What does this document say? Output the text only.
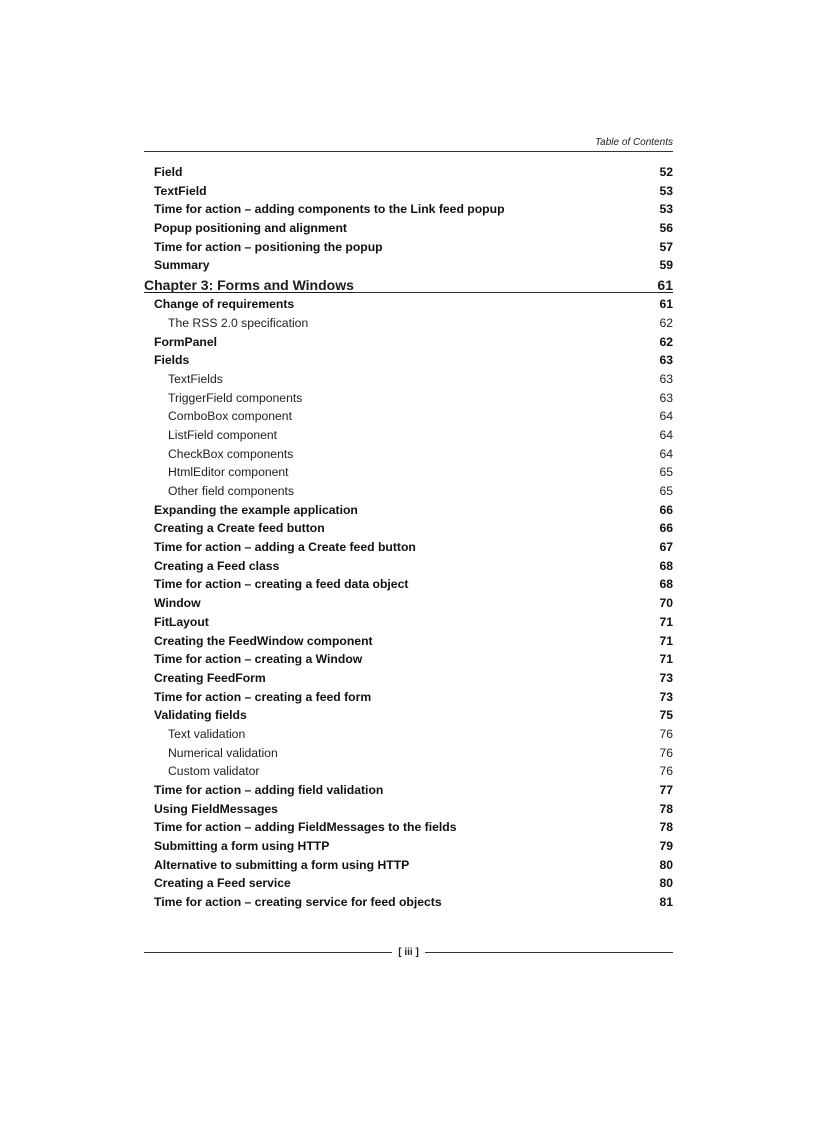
Table of Contents
Field	52
TextField	53
Time for action – adding components to the Link feed popup	53
Popup positioning and alignment	56
Time for action – positioning the popup	57
Summary	59
Chapter 3: Forms and Windows	61
Change of requirements	61
The RSS 2.0 specification	62
FormPanel	62
Fields	63
TextFields	63
TriggerField components	63
ComboBox component	64
ListField component	64
CheckBox components	64
HtmlEditor component	65
Other field components	65
Expanding the example application	66
Creating a Create feed button	66
Time for action – adding a Create feed button	67
Creating a Feed class	68
Time for action – creating a feed data object	68
Window	70
FitLayout	71
Creating the FeedWindow component	71
Time for action – creating a Window	71
Creating FeedForm	73
Time for action – creating a feed form	73
Validating fields	75
Text validation	76
Numerical validation	76
Custom validator	76
Time for action – adding field validation	77
Using FieldMessages	78
Time for action – adding FieldMessages to the fields	78
Submitting a form using HTTP	79
Alternative to submitting a form using HTTP	80
Creating a Feed service	80
Time for action – creating service for feed objects	81
[ iii ]
